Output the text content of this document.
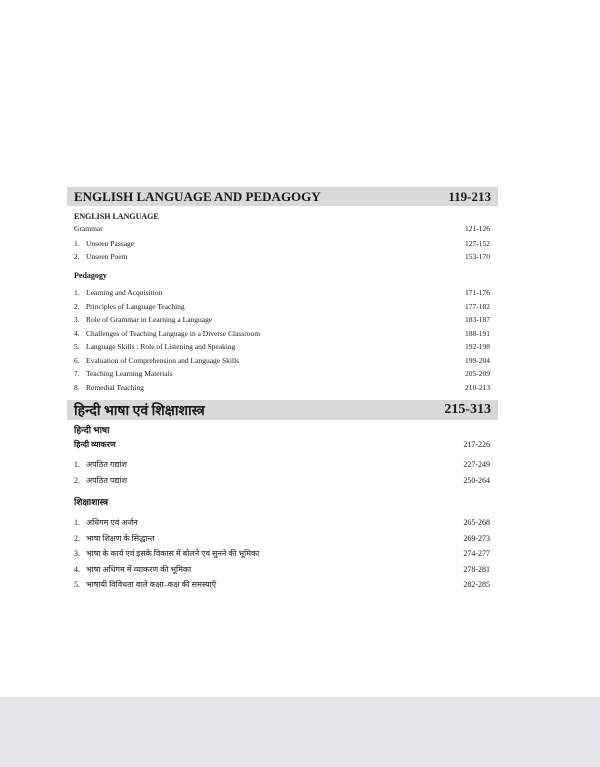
ENGLISH LANGUAGE AND PEDAGOGY	119-213
ENGLISH LANGUAGE
Grammar	121-126
1. Unseen Passage	127-152
2. Unseen Poem	153-170
Pedagogy
1. Learning and Acquisition	171-176
2. Principles of Language Teaching	177-182
3. Role of Grammar in Learning a Language	183-187
4. Challenges of Teaching Language in a Diverse Classroom	188-191
5. Language Skills : Role of Listening and Speaking	192-198
6. Evaluation of Comprehension and Language Skills	199-204
7. Teaching Learning Materials	205-209
8. Remedial Teaching	210-213
हिन्दी भाषा एवं शिक्षाशास्त्र	215-313
हिन्दी भाषा
हिन्दी व्याकरण	217-226
1. अपठित गद्यांश	227-249
2. अपठित पद्यांश	250-264
शिक्षाशास्त्र
1. अधिगम एवं अर्जन	265-268
2. भाषा शिक्षण के सिद्धान्त	269-273
3. भाषा के कार्य एवं इसके विकास में बोलने एवं सुनने की भूमिका	274-277
4. भाषा अधिगम में व्याकरण की भूमिका	278-281
5. भाषायी विविधता वाले कक्षा–कक्ष की समस्याएँ	282-285
